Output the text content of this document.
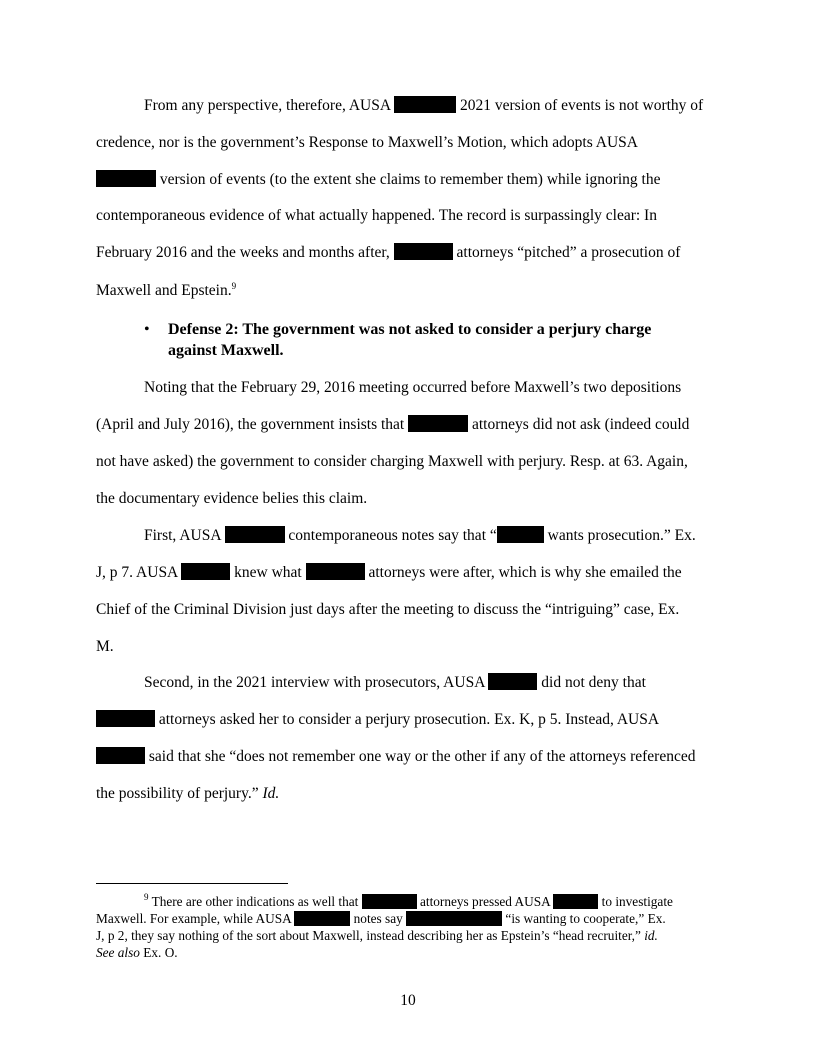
From any perspective, therefore, AUSA	2021 version of events is not worthy of
credence, nor is the government’s Response to Maxwell’s Motion, which adopts AUSA
version of events (to the extent she claims to remember them) while ignoring the
contemporaneous evidence of what actually happened. The record is surpassingly clear: In
February 2016 and the weeks and months after,	attorneys “pitched” a prosecution of
Maxwell and Epstein.$^9$
• Defense 2: The government was not asked to consider a perjury charge
against Maxwell.
Noting that the February 29, 2016 meeting occurred before Maxwell’s two depositions
(April and July 2016), the government insists that	attorneys did not ask (indeed could
not have asked) the government to consider charging Maxwell with perjury. Resp. at 63. Again,
the documentary evidence belies this claim.
First, AUSA	contemporaneous notes say that “	wants prosecution.” Ex.
J, p 7. AUSA	knew what	attorneys were after, which is why she emailed the
Chief of the Criminal Division just days after the meeting to discuss the “intriguing” case, Ex.
M.
Second, in the 2021 interview with prosecutors, AUSA	did not deny that
attorneys asked her to consider a perjury prosecution. Ex. K, p 5. Instead, AUSA
said that she “does not remember one way or the other if any of the attorneys referenced
the possibility of perjury.” Id.
$^9$ There are other indications as well that	attorneys pressed AUSA	to investigate
Maxwell. For example, while AUSA	notes say	“is wanting to cooperate,” Ex.
J, p 2, they say nothing of the sort about Maxwell, instead describing her as Epstein’s “head recruiter,” id.
See also Ex. O.
10
